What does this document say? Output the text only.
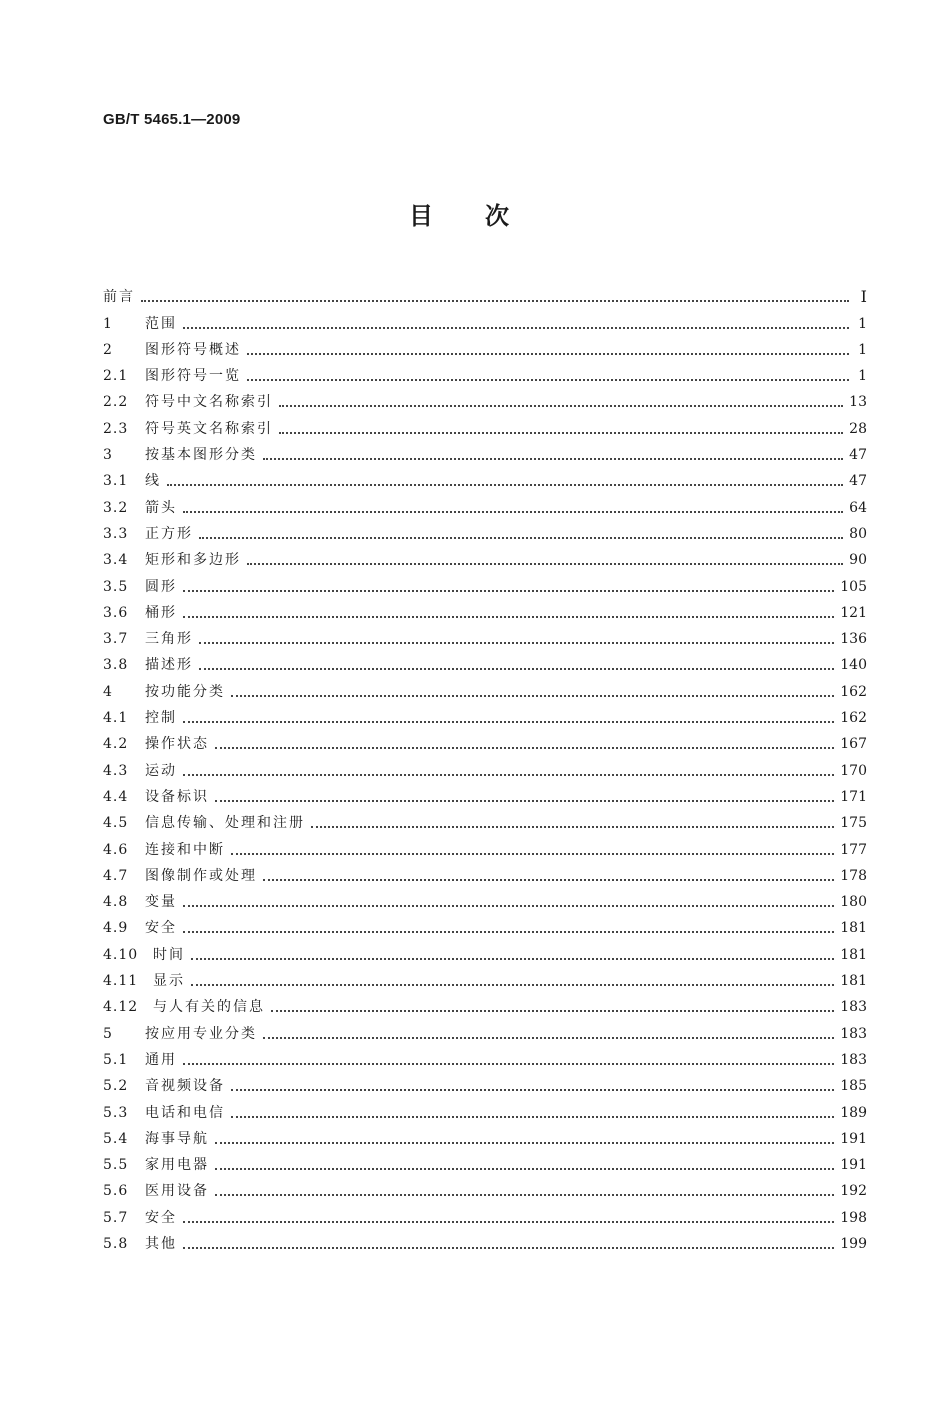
GB/T 5465.1—2009
目次
前言	I
1	范围	1
2	图形符号概述	1
2.1	图形符号一览	1
2.2	符号中文名称索引	13
2.3	符号英文名称索引	28
3	按基本图形分类	47
3.1	线	47
3.2	箭头	64
3.3	正方形	80
3.4	矩形和多边形	90
3.5	圆形	105
3.6	桶形	121
3.7	三角形	136
3.8	描述形	140
4	按功能分类	162
4.1	控制	162
4.2	操作状态	167
4.3	运动	170
4.4	设备标识	171
4.5	信息传输、处理和注册	175
4.6	连接和中断	177
4.7	图像制作或处理	178
4.8	变量	180
4.9	安全	181
4.10	时间	181
4.11	显示	181
4.12	与人有关的信息	183
5	按应用专业分类	183
5.1	通用	183
5.2	音视频设备	185
5.3	电话和电信	189
5.4	海事导航	191
5.5	家用电器	191
5.6	医用设备	192
5.7	安全	198
5.8	其他	199
